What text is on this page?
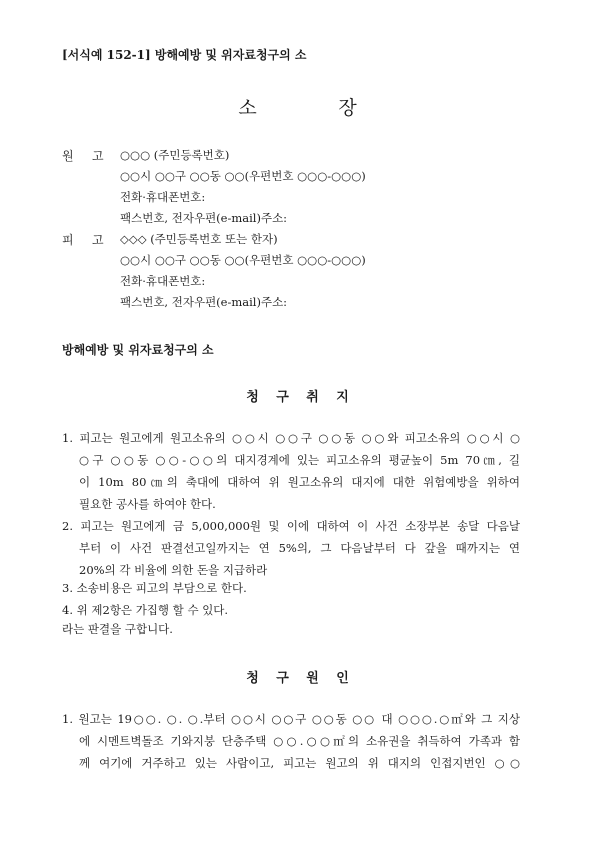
[서식예 152-1] 방해예방 및 위자료청구의 소
소	장
원 고	○○○ (주민등록번호)
○○시 ○○구 ○○동 ○○(우편번호 ○○○-○○○)
전화·휴대폰번호:
팩스번호, 전자우편(e-mail)주소:
피 고	◇◇◇ (주민등록번호 또는 한자)
○○시 ○○구 ○○동 ○○(우편번호 ○○○-○○○)
전화·휴대폰번호:
팩스번호, 전자우편(e-mail)주소:
방해예방 및 위자료청구의 소
청 구 취 지
1. 피고는 원고에게 원고소유의 ○○시 ○○구 ○○동 ○○와 피고소유의 ○○시 ○
○구 ○○동 ○○-○○의 대지경계에 있는 피고소유의 평균높이 5m 70㎝, 길
이 10m 80㎝의 축대에 대하여 위 원고소유의 대지에 대한 위험예방을 위하여
필요한 공사를 하여야 한다.
2. 피고는 원고에게 금 5,000,000원 및 이에 대하여 이 사건 소장부본 송달 다음날
부터 이 사건 판결선고일까지는 연 5%의, 그 다음날부터 다 갚을 때까지는 연
20%의 각 비율에 의한 돈을 지급하라
3. 소송비용은 피고의 부담으로 한다.
4. 위 제2항은 가집행 할 수 있다.
라는 판결을 구합니다.
청 구 원 인
1. 원고는 19○○. ○. ○.부터 ○○시 ○○구 ○○동 ○○ 대 ○○○.○㎡와 그 지상
에 시멘트벽돌조 기와지붕 단층주택 ○○.○○㎡의 소유권을 취득하여 가족과 함
께 여기에 거주하고 있는 사람이고, 피고는 원고의 위 대지의 인접지번인 ○○
